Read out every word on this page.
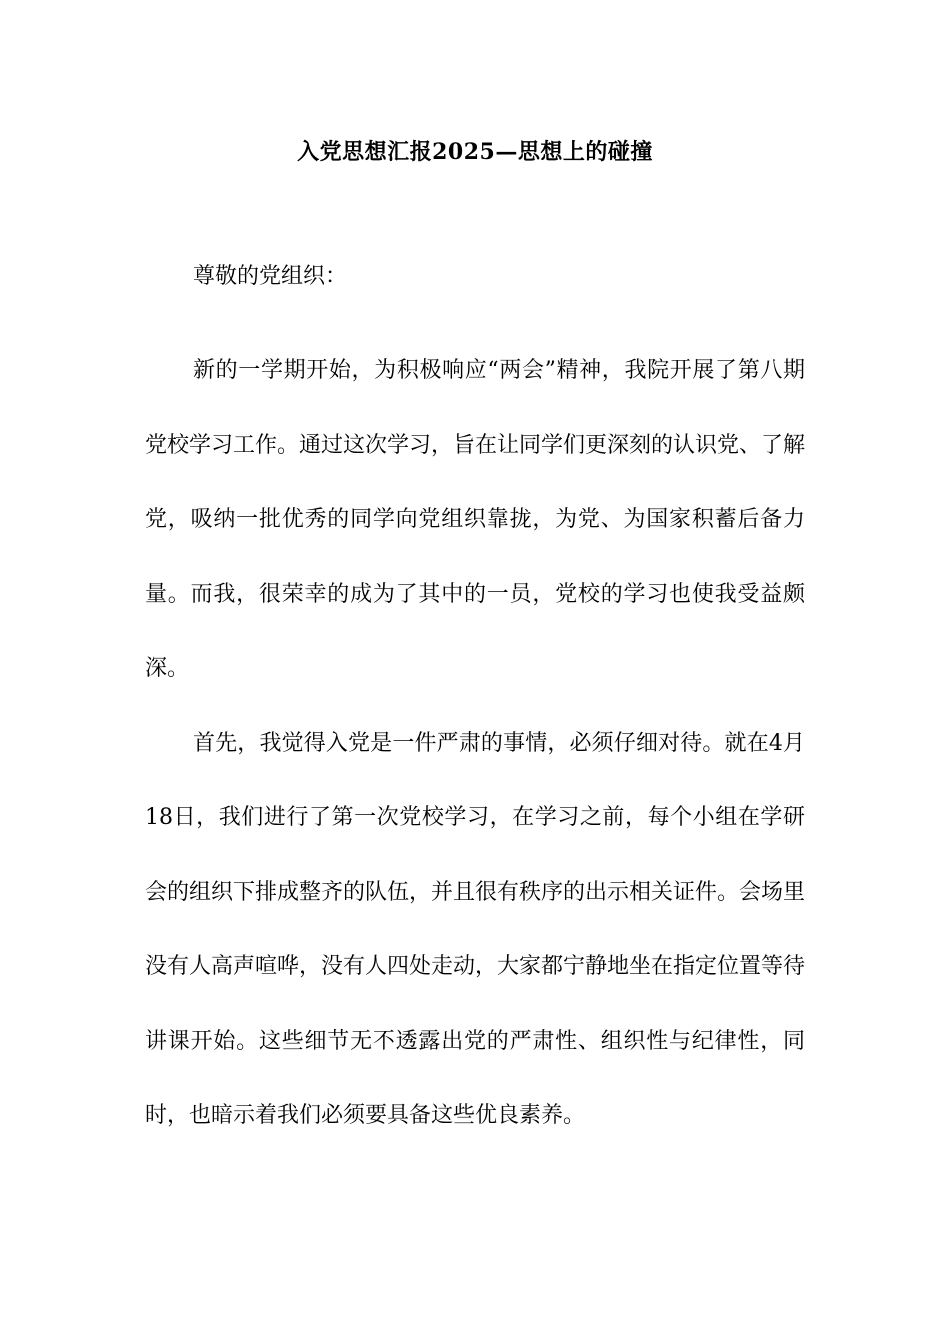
入党思想汇报2025—思想上的碰撞

尊敬的党组织：

新的一学期开始，为积极响应“两会”精神，我院开展了第八期党校学习工作。通过这次学习，旨在让同学们更深刻的认识党、了解党，吸纳一批优秀的同学向党组织靠拢，为党、为国家积蓄后备力量。而我，很荣幸的成为了其中的一员，党校的学习也使我受益颇深。

首先，我觉得入党是一件严肃的事情，必须仔细对待。就在4月18日，我们进行了第一次党校学习，在学习之前，每个小组在学研会的组织下排成整齐的队伍，并且很有秩序的出示相关证件。会场里没有人高声喧哗，没有人四处走动，大家都宁静地坐在指定位置等待讲课开始。这些细节无不透露出党的严肃性、组织性与纪律性，同时，也暗示着我们必须要具备这些优良素养。
